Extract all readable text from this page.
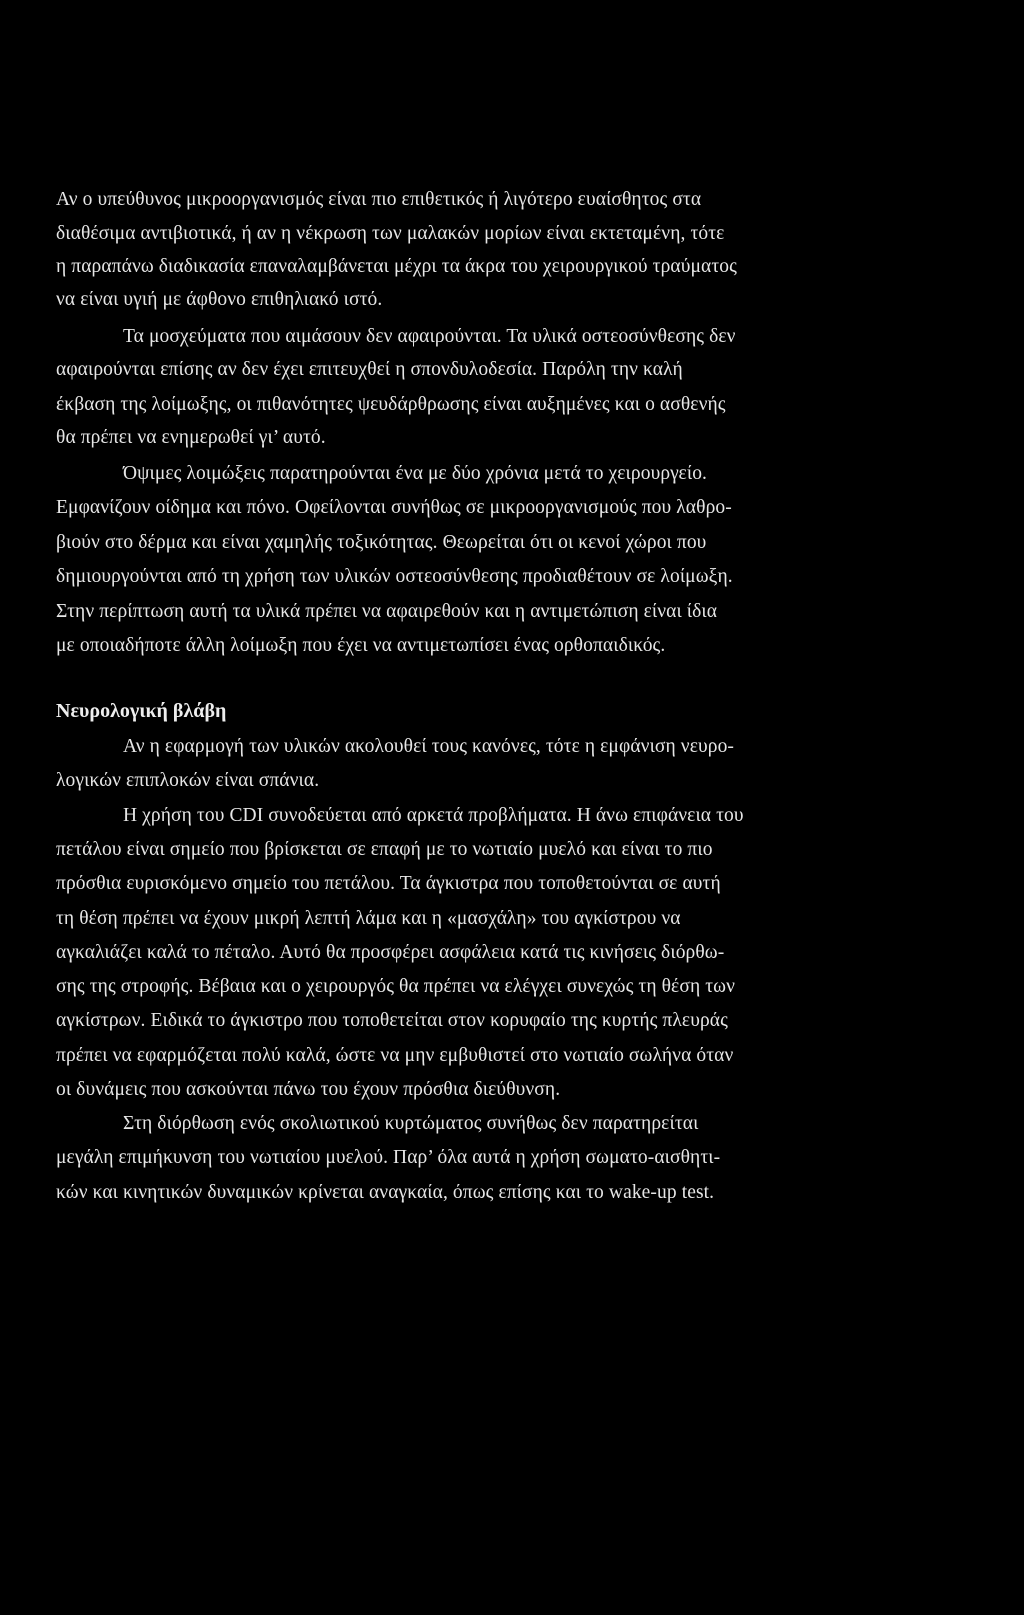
Αν ο υπεύθυνος μικροοργανισμός είναι πιο επιθετικός ή λιγότερο ευαίσθητος στα
διαθέσιμα αντιβιοτικά, ή αν η νέκρωση των μαλακών μορίων είναι εκτεταμένη, τότε
η παραπάνω διαδικασία επαναλαμβάνεται μέχρι τα άκρα του χειρουργικού τραύματος
να είναι υγιή με άφθονο επιθηλιακό ιστό.
Τα μοσχεύματα που αιμάσουν δεν αφαιρούνται. Τα υλικά οστεοσύνθεσης δεν
αφαιρούνται επίσης αν δεν έχει επιτευχθεί η σπονδυλοδεσία. Παρόλη την καλή
έκβαση της λοίμωξης, οι πιθανότητες ψευδάρθρωσης είναι αυξημένες και ο ασθενής
θα πρέπει να ενημερωθεί γι’ αυτό.
Όψιμες λοιμώξεις παρατηρούνται ένα με δύο χρόνια μετά το χειρουργείο.
Εμφανίζουν οίδημα και πόνο. Οφείλονται συνήθως σε μικροοργανισμούς που λαθρο-
βιούν στο δέρμα και είναι χαμηλής τοξικότητας. Θεωρείται ότι οι κενοί χώροι που
δημιουργούνται από τη χρήση των υλικών οστεοσύνθεσης προδιαθέτουν σε λοίμωξη.
Στην περίπτωση αυτή τα υλικά πρέπει να αφαιρεθούν και η αντιμετώπιση είναι ίδια
με οποιαδήποτε άλλη λοίμωξη που έχει να αντιμετωπίσει ένας ορθοπαιδικός.
Νευρολογική βλάβη
Αν η εφαρμογή των υλικών ακολουθεί τους κανόνες, τότε η εμφάνιση νευρο-
λογικών επιπλοκών είναι σπάνια.
Η χρήση του CDI συνοδεύεται από αρκετά προβλήματα. Η άνω επιφάνεια του
πετάλου είναι σημείο που βρίσκεται σε επαφή με το νωτιαίο μυελό και είναι το πιο
πρόσθια ευρισκόμενο σημείο του πετάλου. Τα άγκιστρα που τοποθετούνται σε αυτή
τη θέση πρέπει να έχουν μικρή λεπτή λάμα και η «μασχάλη» του αγκίστρου να
αγκαλιάζει καλά το πέταλο. Αυτό θα προσφέρει ασφάλεια κατά τις κινήσεις διόρθω-
σης της στροφής. Βέβαια και ο χειρουργός θα πρέπει να ελέγχει συνεχώς τη θέση των
αγκίστρων. Ειδικά το άγκιστρο που τοποθετείται στον κορυφαίο της κυρτής πλευράς
πρέπει να εφαρμόζεται πολύ καλά, ώστε να μην εμβυθιστεί στο νωτιαίο σωλήνα όταν
οι δυνάμεις που ασκούνται πάνω του έχουν πρόσθια διεύθυνση.
Στη διόρθωση ενός σκολιωτικού κυρτώματος συνήθως δεν παρατηρείται
μεγάλη επιμήκυνση του νωτιαίου μυελού. Παρ’ όλα αυτά η χρήση σωματο-αισθητι-
κών και κινητικών δυναμικών κρίνεται αναγκαία, όπως επίσης και το wake-up test.
